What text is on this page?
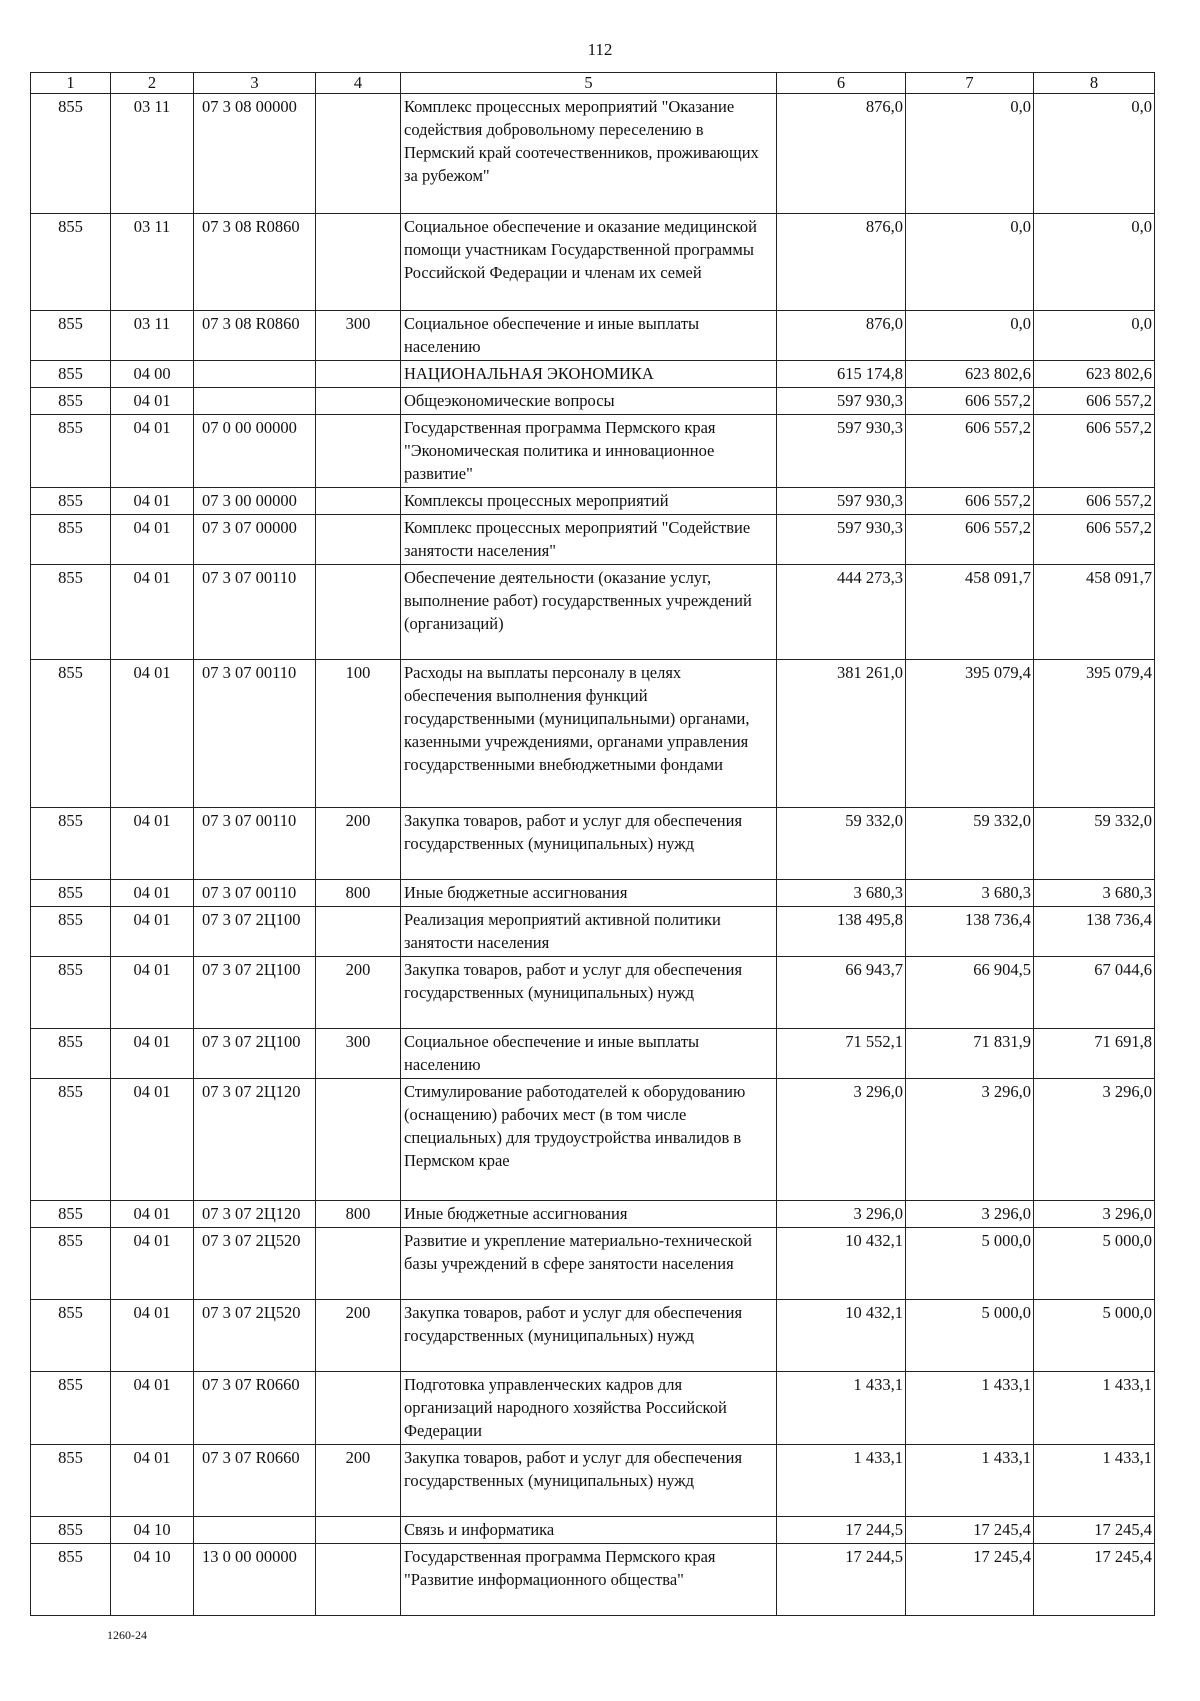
112
1	2	3	4	5	6	7	8
855	03 11	07 3 08 00000		Комплекс процессных мероприятий "Оказание содействия добровольному переселению в Пермский край соотечественников, проживающих за рубежом"	876,0	0,0	0,0
855	03 11	07 3 08 R0860		Социальное обеспечение и оказание медицинской помощи участникам Государственной программы Российской Федерации и членам их семей	876,0	0,0	0,0
855	03 11	07 3 08 R0860	300	Социальное обеспечение и иные выплаты населению	876,0	0,0	0,0
855	04 00			НАЦИОНАЛЬНАЯ ЭКОНОМИКА	615 174,8	623 802,6	623 802,6
855	04 01			Общеэкономические вопросы	597 930,3	606 557,2	606 557,2
855	04 01	07 0 00 00000		Государственная программа Пермского края "Экономическая политика и инновационное развитие"	597 930,3	606 557,2	606 557,2
855	04 01	07 3 00 00000		Комплексы процессных мероприятий	597 930,3	606 557,2	606 557,2
855	04 01	07 3 07 00000		Комплекс процессных мероприятий "Содействие занятости населения"	597 930,3	606 557,2	606 557,2
855	04 01	07 3 07 00110		Обеспечение деятельности (оказание услуг, выполнение работ) государственных учреждений (организаций)	444 273,3	458 091,7	458 091,7
855	04 01	07 3 07 00110	100	Расходы на выплаты персоналу в целях обеспечения выполнения функций государственными (муниципальными) органами, казенными учреждениями, органами управления государственными внебюджетными фондами	381 261,0	395 079,4	395 079,4
855	04 01	07 3 07 00110	200	Закупка товаров, работ и услуг для обеспечения государственных (муниципальных) нужд	59 332,0	59 332,0	59 332,0
855	04 01	07 3 07 00110	800	Иные бюджетные ассигнования	3 680,3	3 680,3	3 680,3
855	04 01	07 3 07 2Ц100		Реализация мероприятий активной политики занятости населения	138 495,8	138 736,4	138 736,4
855	04 01	07 3 07 2Ц100	200	Закупка товаров, работ и услуг для обеспечения государственных (муниципальных) нужд	66 943,7	66 904,5	67 044,6
855	04 01	07 3 07 2Ц100	300	Социальное обеспечение и иные выплаты населению	71 552,1	71 831,9	71 691,8
855	04 01	07 3 07 2Ц120		Стимулирование работодателей к оборудованию (оснащению) рабочих мест (в том числе специальных) для трудоустройства инвалидов в Пермском крае	3 296,0	3 296,0	3 296,0
855	04 01	07 3 07 2Ц120	800	Иные бюджетные ассигнования	3 296,0	3 296,0	3 296,0
855	04 01	07 3 07 2Ц520		Развитие и укрепление материально-технической базы учреждений в сфере занятости населения	10 432,1	5 000,0	5 000,0
855	04 01	07 3 07 2Ц520	200	Закупка товаров, работ и услуг для обеспечения государственных (муниципальных) нужд	10 432,1	5 000,0	5 000,0
855	04 01	07 3 07 R0660		Подготовка управленческих кадров для организаций народного хозяйства Российской Федерации	1 433,1	1 433,1	1 433,1
855	04 01	07 3 07 R0660	200	Закупка товаров, работ и услуг для обеспечения государственных (муниципальных) нужд	1 433,1	1 433,1	1 433,1
855	04 10			Связь и информатика	17 244,5	17 245,4	17 245,4
855	04 10	13 0 00 00000		Государственная программа Пермского края "Развитие информационного общества"	17 244,5	17 245,4	17 245,4
1260-24
